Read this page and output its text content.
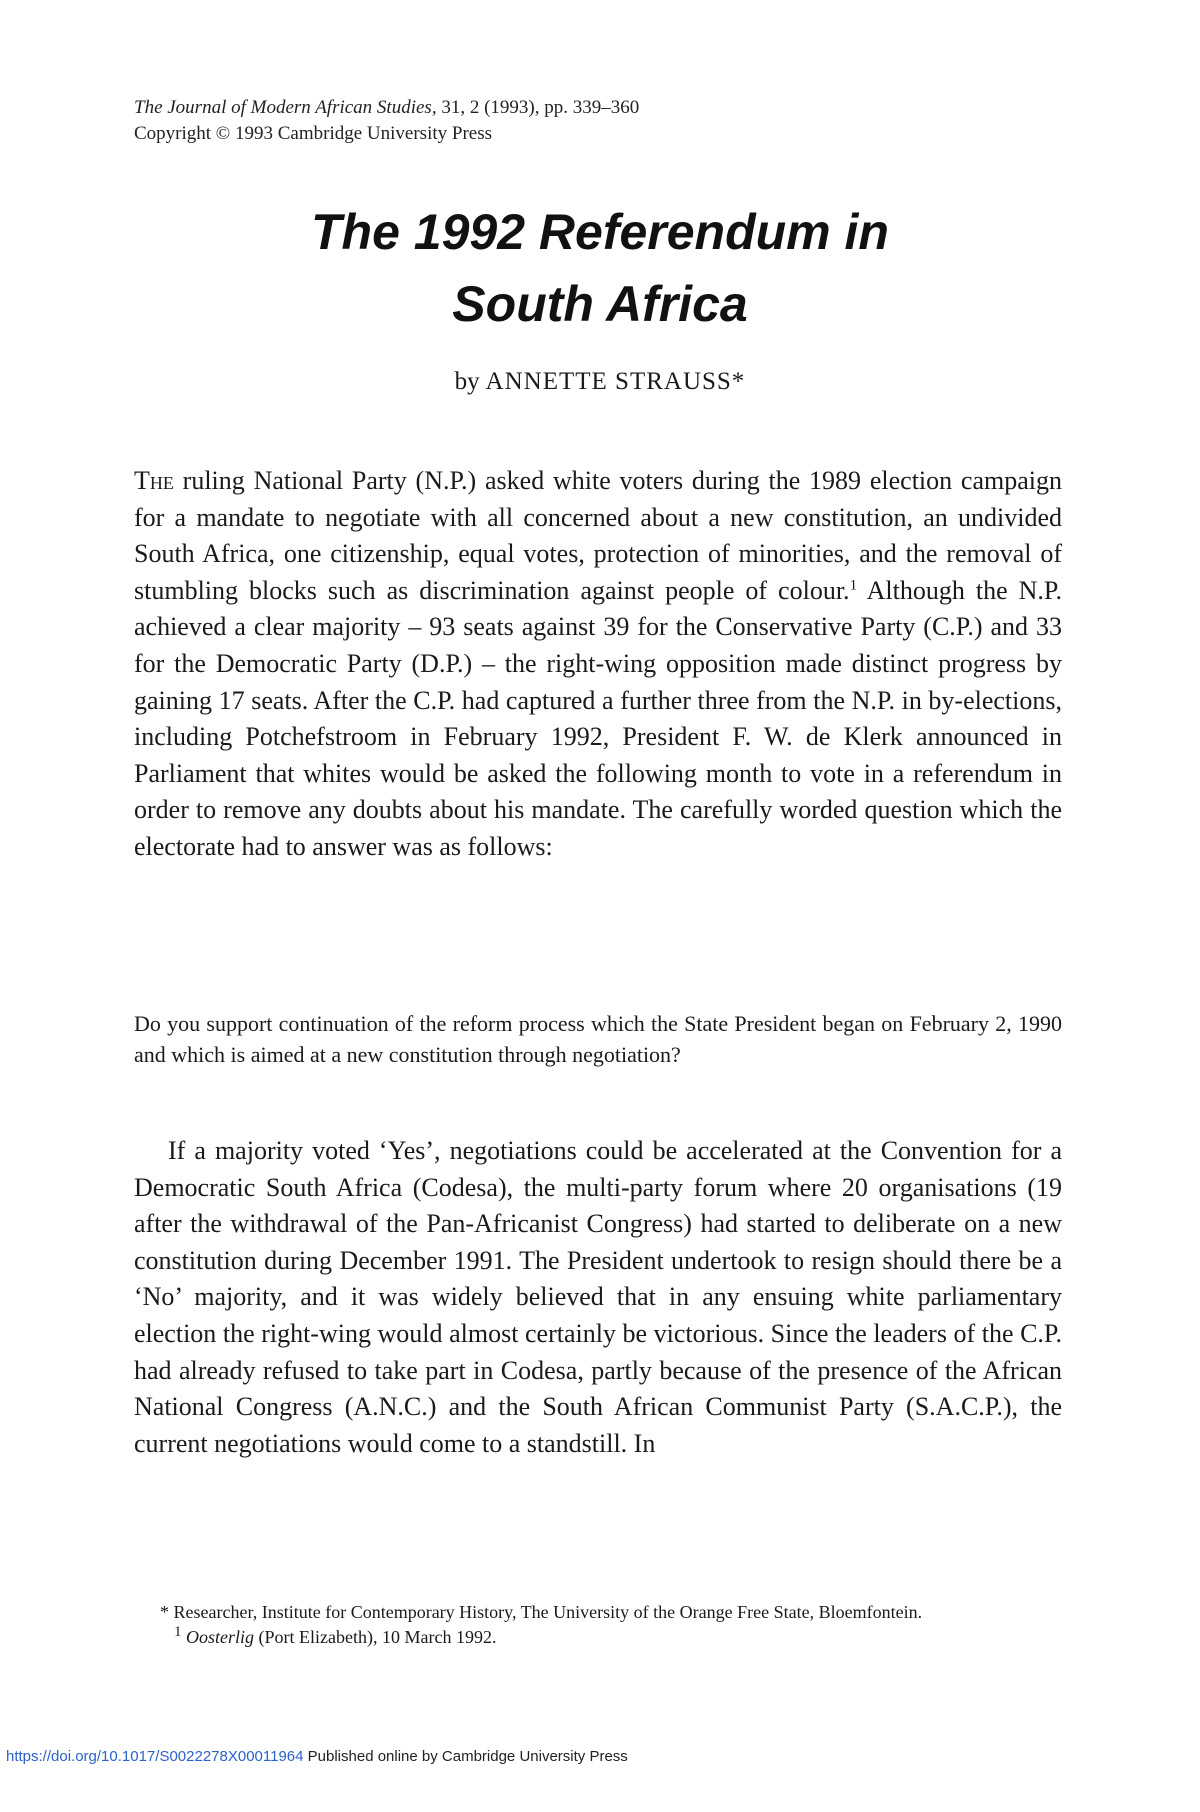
The Journal of Modern African Studies, 31, 2 (1993), pp. 339–360
Copyright © 1993 Cambridge University Press
The 1992 Referendum in
South Africa
by ANNETTE STRAUSS*

The ruling National Party (N.P.) asked white voters during the 1989 election campaign for a mandate to negotiate with all concerned about a new constitution, an undivided South Africa, one citizenship, equal votes, protection of minorities, and the removal of stumbling blocks such as discrimination against people of colour.$^1$ Although the N.P. achieved a clear majority – 93 seats against 39 for the Conservative Party (C.P.) and 33 for the Democratic Party (D.P.) – the right-wing opposition made distinct progress by gaining 17 seats. After the C.P. had captured a further three from the N.P. in by-elections, including Potchefstroom in February 1992, President F. W. de Klerk announced in Parliament that whites would be asked the following month to vote in a referendum in order to remove any doubts about his mandate. The carefully worded question which the electorate had to answer was as follows:

Do you support continuation of the reform process which the State President began on February 2, 1990 and which is aimed at a new constitution through negotiation?

If a majority voted ‘Yes’, negotiations could be accelerated at the Convention for a Democratic South Africa (Codesa), the multi-party forum where 20 organisations (19 after the withdrawal of the Pan-Africanist Congress) had started to deliberate on a new constitution during December 1991. The President undertook to resign should there be a ‘No’ majority, and it was widely believed that in any ensuing white parliamentary election the right-wing would almost certainly be victorious. Since the leaders of the C.P. had already refused to take part in Codesa, partly because of the presence of the African National Congress (A.N.C.) and the South African Communist Party (S.A.C.P.), the current negotiations would come to a standstill. In

* Researcher, Institute for Contemporary History, The University of the Orange Free State, Bloemfontein.

$^1$ Oosterlig (Port Elizabeth), 10 March 1992.

https://doi.org/10.1017/S0022278X00011964 Published online by Cambridge University Press
